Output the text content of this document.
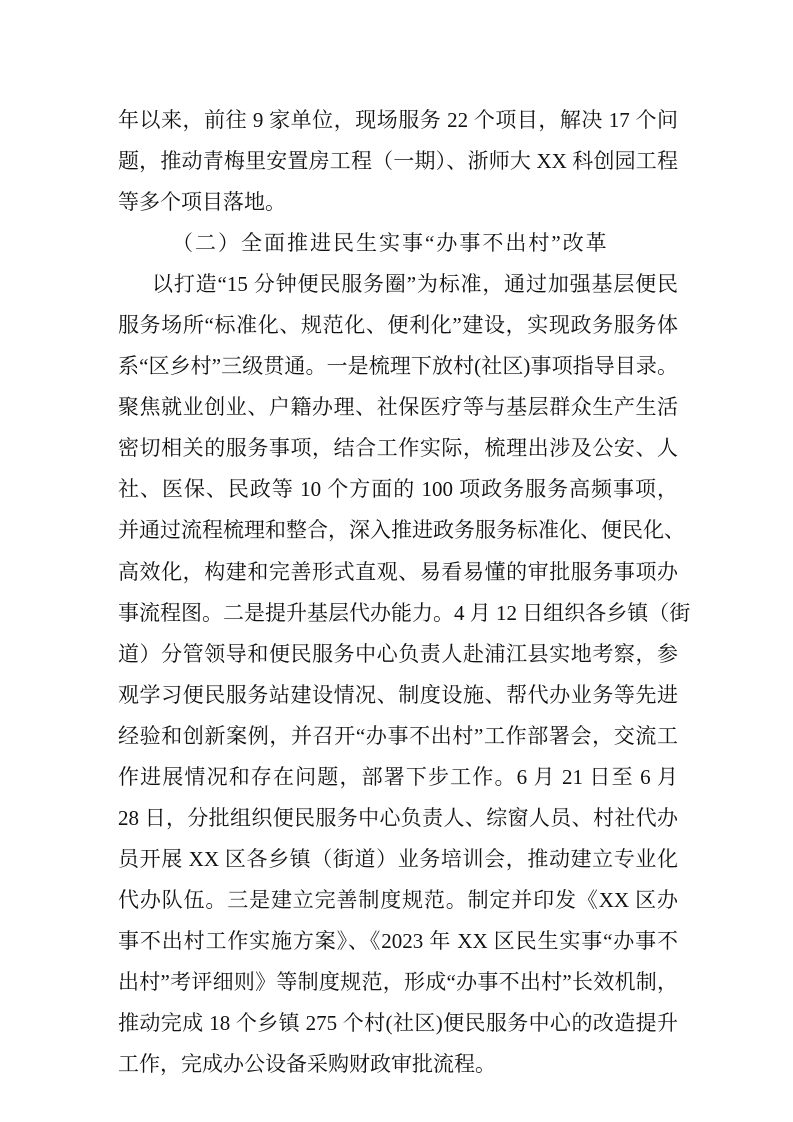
年以来，前往 9 家单位，现场服务 22 个项目，解决 17 个问
题，推动青梅里安置房工程（一期）、浙师大 XX 科创园工程
等多个项目落地。
（二）全面推进民生实事“办事不出村”改革
以打造“15 分钟便民服务圈”为标准，通过加强基层便民
服务场所“标准化、规范化、便利化”建设，实现政务服务体
系“区乡村”三级贯通。一是梳理下放村(社区)事项指导目录。
聚焦就业创业、户籍办理、社保医疗等与基层群众生产生活
密切相关的服务事项，结合工作实际，梳理出涉及公安、人
社、医保、民政等 10 个方面的 100 项政务服务高频事项，
并通过流程梳理和整合，深入推进政务服务标准化、便民化、
高效化，构建和完善形式直观、易看易懂的审批服务事项办
事流程图。二是提升基层代办能力。4 月 12 日组织各乡镇（街
道）分管领导和便民服务中心负责人赴浦江县实地考察，参
观学习便民服务站建设情况、制度设施、帮代办业务等先进
经验和创新案例，并召开“办事不出村”工作部署会，交流工
作进展情况和存在问题，部署下步工作。6 月 21 日至 6 月
28 日，分批组织便民服务中心负责人、综窗人员、村社代办
员开展 XX 区各乡镇（街道）业务培训会，推动建立专业化
代办队伍。三是建立完善制度规范。制定并印发《XX 区办
事不出村工作实施方案》、《2023 年 XX 区民生实事“办事不
出村”考评细则》等制度规范，形成“办事不出村”长效机制，
推动完成 18 个乡镇 275 个村(社区)便民服务中心的改造提升
工作，完成办公设备采购财政审批流程。
